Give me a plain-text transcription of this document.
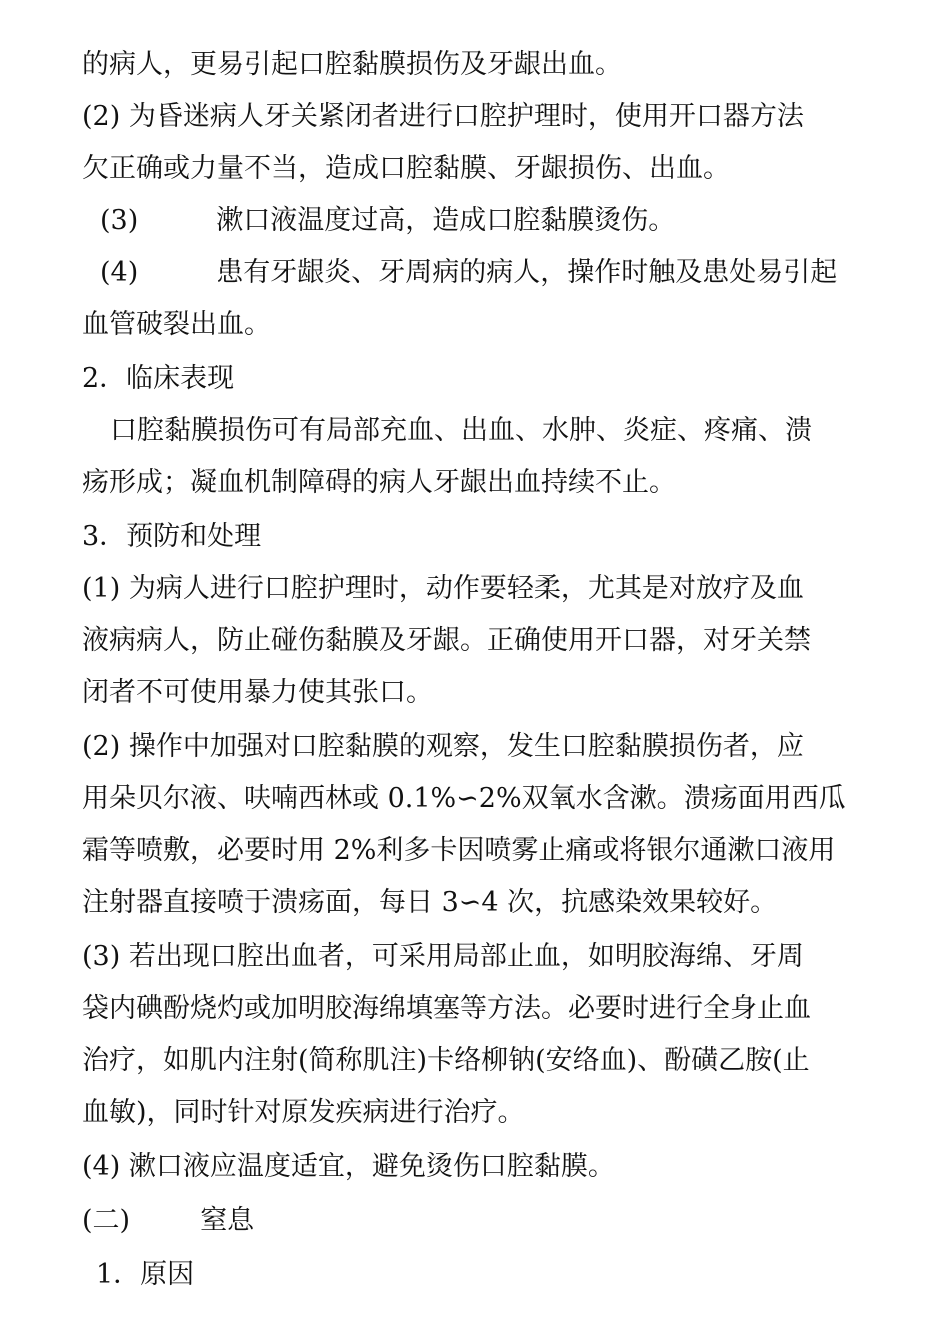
的病人，更易引起口腔黏膜损伤及牙龈出血。
(2) 为昏迷病人牙关紧闭者进行口腔护理时，使用开口器方法
欠正确或力量不当，造成口腔黏膜、牙龈损伤、出血。
(3)	漱口液温度过高，造成口腔黏膜烫伤。
(4)	患有牙龈炎、牙周病的病人，操作时触及患处易引起
血管破裂出血。
2．临床表现
口腔黏膜损伤可有局部充血、出血、水肿、炎症、疼痛、溃
疡形成；凝血机制障碍的病人牙龈出血持续不止。
3．预防和处理
(1) 为病人进行口腔护理时，动作要轻柔，尤其是对放疗及血
液病病人，防止碰伤黏膜及牙龈。正确使用开口器，对牙关禁
闭者不可使用暴力使其张口。
(2) 操作中加强对口腔黏膜的观察，发生口腔黏膜损伤者，应
用朵贝尔液、呋喃西林或 0.1%∽2%双氧水含漱。溃疡面用西瓜
霜等喷敷，必要时用 2%利多卡因喷雾止痛或将银尔通漱口液用
注射器直接喷于溃疡面，每日 3∽4 次，抗感染效果较好。
(3) 若出现口腔出血者，可采用局部止血，如明胶海绵、牙周
袋内碘酚烧灼或加明胶海绵填塞等方法。必要时进行全身止血
治疗，如肌内注射(简称肌注)卡络柳钠(安络血)、酚磺乙胺(止
血敏)，同时针对原发疾病进行治疗。
(4) 漱口液应温度适宜，避免烫伤口腔黏膜。
(二)	窒息
1．原因
